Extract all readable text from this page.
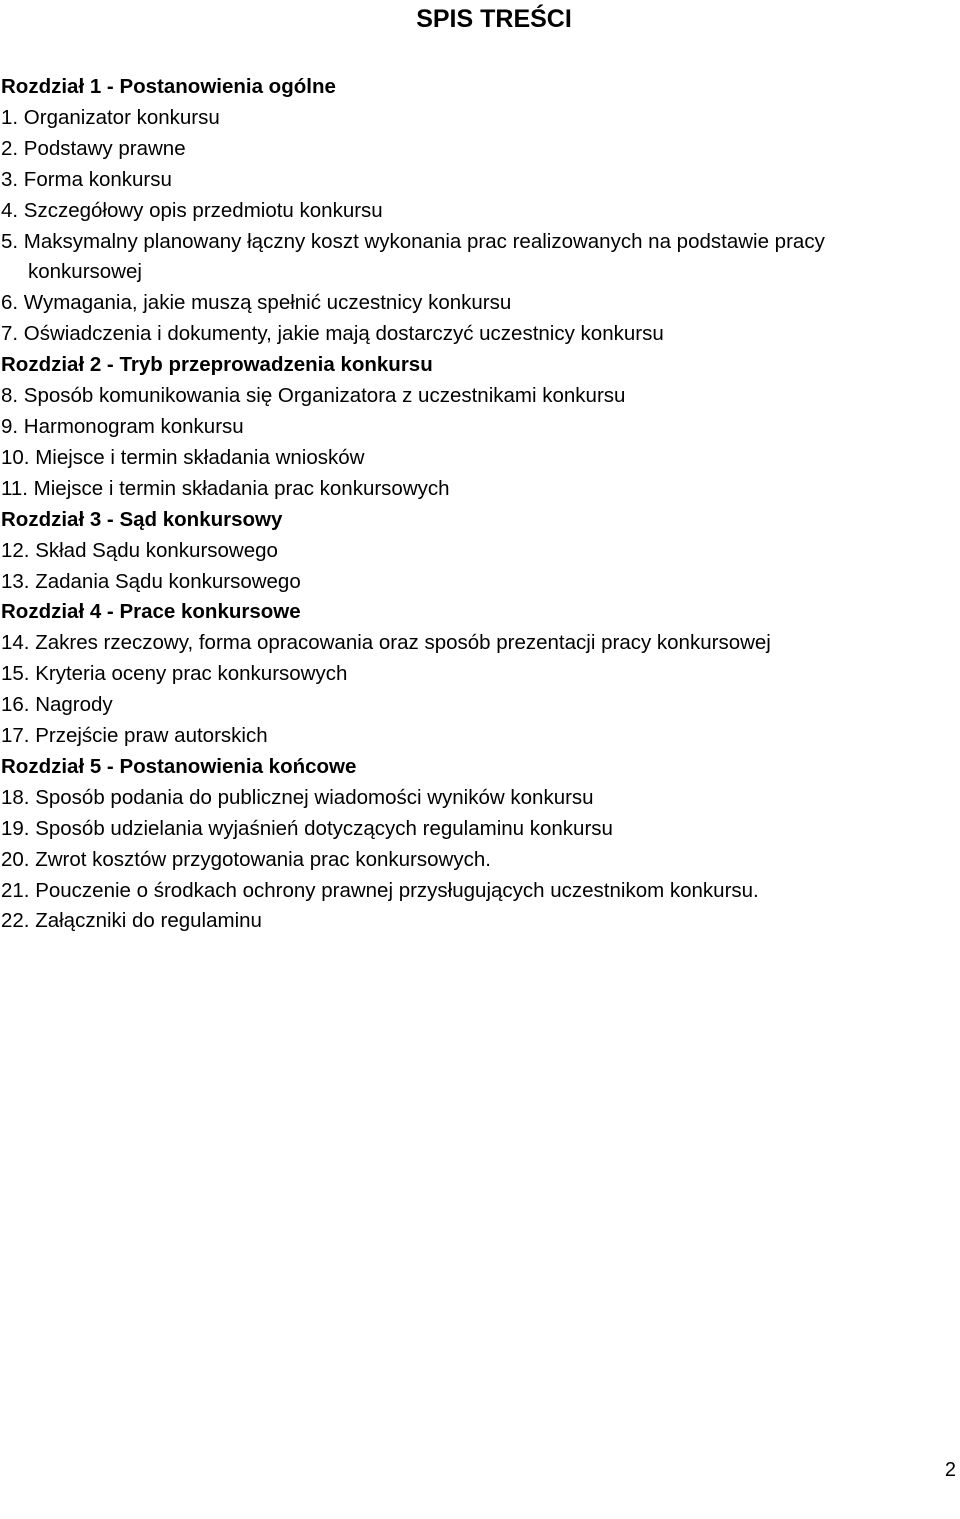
SPIS TREŚCI
Rozdział 1 - Postanowienia ogólne
1. Organizator konkursu
2. Podstawy prawne
3. Forma konkursu
4. Szczegółowy opis przedmiotu konkursu
5. Maksymalny planowany łączny koszt wykonania prac realizowanych na podstawie pracy konkursowej
6. Wymagania, jakie muszą spełnić uczestnicy konkursu
7. Oświadczenia i dokumenty, jakie mają dostarczyć uczestnicy konkursu
Rozdział 2 - Tryb przeprowadzenia konkursu
8. Sposób komunikowania się Organizatora z uczestnikami konkursu
9. Harmonogram konkursu
10. Miejsce i termin składania wniosków
11. Miejsce i termin składania prac konkursowych
Rozdział 3 - Sąd konkursowy
12. Skład Sądu konkursowego
13. Zadania Sądu konkursowego
Rozdział 4 - Prace konkursowe
14. Zakres rzeczowy, forma opracowania oraz sposób prezentacji pracy konkursowej
15. Kryteria oceny prac konkursowych
16. Nagrody
17. Przejście praw autorskich
Rozdział 5 - Postanowienia końcowe
18. Sposób podania do publicznej wiadomości wyników konkursu
19. Sposób udzielania wyjaśnień dotyczących regulaminu konkursu
20. Zwrot kosztów przygotowania prac konkursowych.
21. Pouczenie o środkach ochrony prawnej przysługujących uczestnikom konkursu.
22. Załączniki do regulaminu
2
